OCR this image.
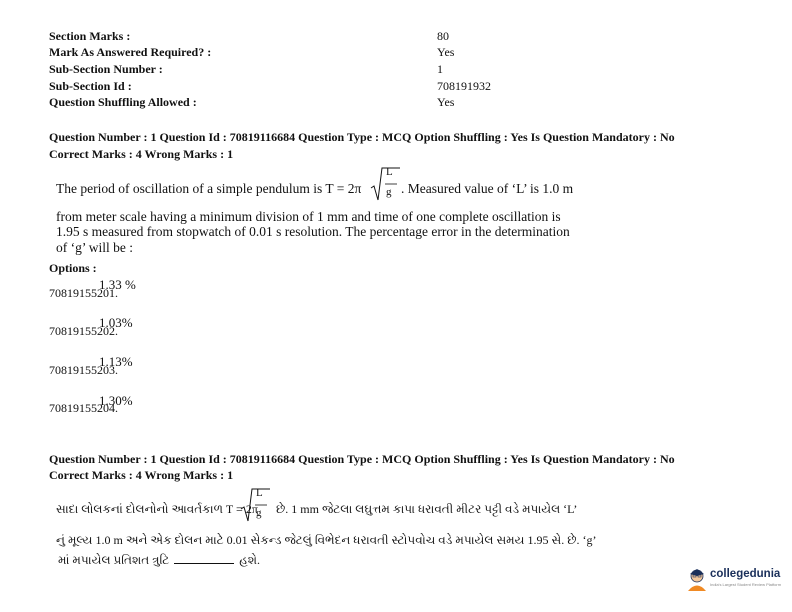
Section Marks :	80
Mark As Answered Required? :	Yes
Sub-Section Number :	1
Sub-Section Id :	708191932
Question Shuffling Allowed :	Yes
Question Number : 1 Question Id : 70819116684 Question Type : MCQ Option Shuffling : Yes Is Question Mandatory : No
Correct Marks : 4 Wrong Marks : 1
The period of oscillation of a simple pendulum is T = 2π
L
g . Measured value of ‘L’ is 1.0 m
from meter scale having a minimum division of 1 mm and time of one complete oscillation is
1.95 s measured from stopwatch of 0.01 s resolution. The percentage error in the determination
of ‘g’ will be :
Options :
70819155201.
1.33 %
70819155202.
1.03%
70819155203.
1.13%
70819155204.
1.30%
Question Number : 1 Question Id : 70819116684 Question Type : MCQ Option Shuffling : Yes Is Question Mandatory : No
Correct Marks : 4 Wrong Marks : 1
સાદા લોલકનાં દોલનોનો આવર્તકાળ T = 2π
L
g છે. 1 mm જેટલા લઘુત્તમ કાપા ધરાવતી મીટર પટ્ટી વડે મપાયેલ ‘L’
નું મૂલ્ય 1.0 m અને એક દોલન માટે 0.01 સેકન્ડ જેટલું વિભેદન ધરાવતી સ્ટોપવોચ વડે મપાયેલ સમય 1.95 સે. છે. ‘g’
માં મપાયેલ પ્રતિશત ત્રુટિ	હશે.
collegedunia
India's Largest Student Review Platform
